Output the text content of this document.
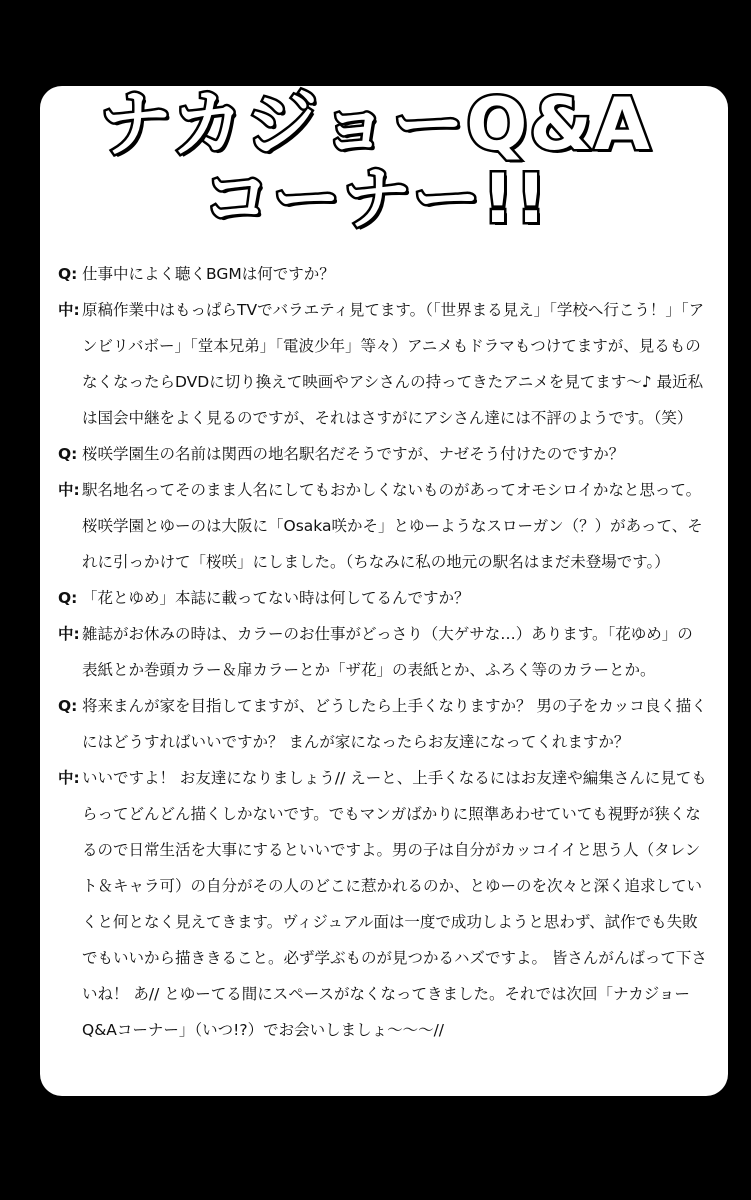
ナカジョーQ&A
コーナー!!
Q: 仕事中によく聴くBGMは何ですか？
中: 原稿作業中はもっぱらTVでバラエティ見てます。（「世界まる見え」「学校へ行こう！」「アンビリバボー」「堂本兄弟」「電波少年」等々）アニメもドラマもつけてますが、見るものなくなったらDVDに切り換えて映画やアシさんの持ってきたアニメを見てます〜♪ 最近私は国会中継をよく見るのですが、それはさすがにアシさん達には不評のようです。（笑）
Q: 桜咲学園生の名前は関西の地名駅名だそうですが、ナゼそう付けたのですか？
中: 駅名地名ってそのまま人名にしてもおかしくないものがあってオモシロイかなと思って。桜咲学園とゆーのは大阪に「Osaka咲かそ」とゆーようなスローガン（？）があって、それに引っかけて「桜咲」にしました。（ちなみに私の地元の駅名はまだ未登場です。）
Q: 「花とゆめ」本誌に載ってない時は何してるんですか？
中: 雑誌がお休みの時は、カラーのお仕事がどっさり（大ゲサな…）あります。「花ゆめ」の表紙とか巻頭カラー＆扉カラーとか「ザ花」の表紙とか、ふろく等のカラーとか。
Q: 将来まんが家を目指してますが、どうしたら上手くなりますか？ 男の子をカッコ良く描くにはどうすればいいですか？ まんが家になったらお友達になってくれますか？
中: いいですよ！ お友達になりましょう// えーと、上手くなるにはお友達や編集さんに見てもらってどんどん描くしかないです。でもマンガばかりに照準あわせていても視野が狭くなるので日常生活を大事にするといいですよ。男の子は自分がカッコイイと思う人（タレント＆キャラ可）の自分がその人のどこに惹かれるのか、とゆーのを次々と深く追求していくと何となく見えてきます。ヴィジュアル面は一度で成功しようと思わず、試作でも失敗でもいいから描ききること。必ず学ぶものが見つかるハズですよ。 皆さんがんばって下さいね！ あ// とゆーてる間にスペースがなくなってきました。それでは次回「ナカジョーQ&Aコーナー」（いつ!?）でお会いしましょ〜〜〜//
